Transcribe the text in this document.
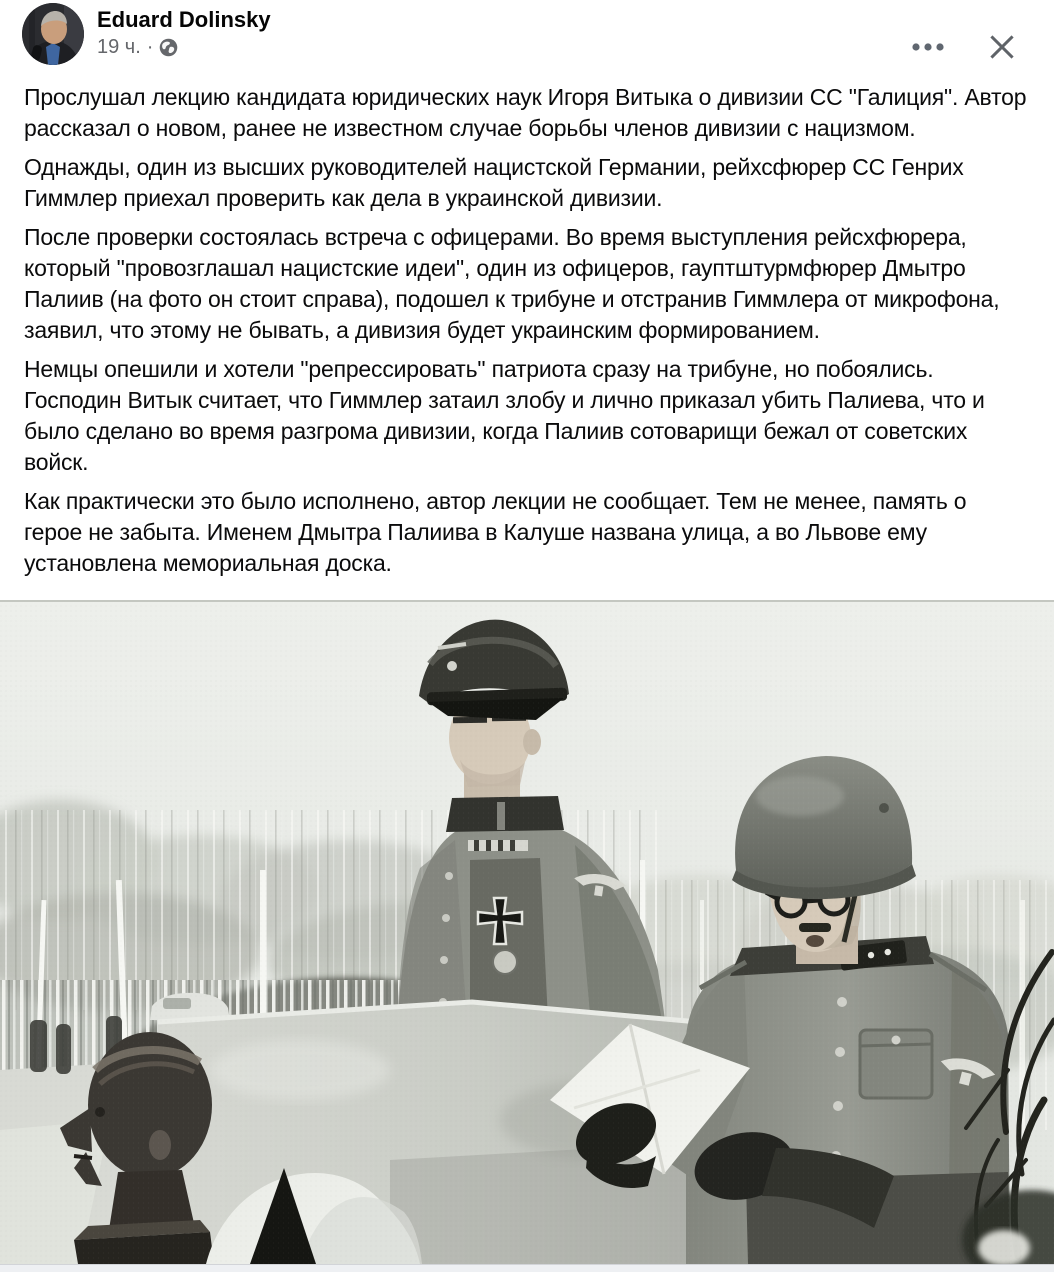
Eduard Dolinsky
19 ч. ·

Прослушал лекцию кандидата юридических наук Игоря Витыка о дивизии СС "Галиция". Автор рассказал о новом, ранее не известном случае борьбы членов дивизии с нацизмом.

Однажды, один из высших руководителей нацистской Германии, рейхсфюрер СС Генрих Гиммлер приехал проверить как дела в украинской дивизии.

После проверки состоялась встреча с офицерами. Во время выступления рейсхфюрера, который "провозглашал нацистские идеи", один из офицеров, гауптштурмфюрер Дмытро Палиив (на фото он стоит справа), подошел к трибуне и отстранив Гиммлера от микрофона, заявил, что этому не бывать, а дивизия будет украинским формированием.

Немцы опешили и хотели "репрессировать" патриота сразу на трибуне, но побоялись. Господин Витык считает, что Гиммлер затаил злобу и лично приказал убить Палиева, что и было сделано во время разгрома дивизии, когда Палиив сотоварищи бежал от советских войск.

Как практически это было исполнено, автор лекции не сообщает. Тем не менее, память о герое не забыта. Именем Дмытра Палиива в Калуше названа улица, а во Львове ему установлена мемориальная доска.
